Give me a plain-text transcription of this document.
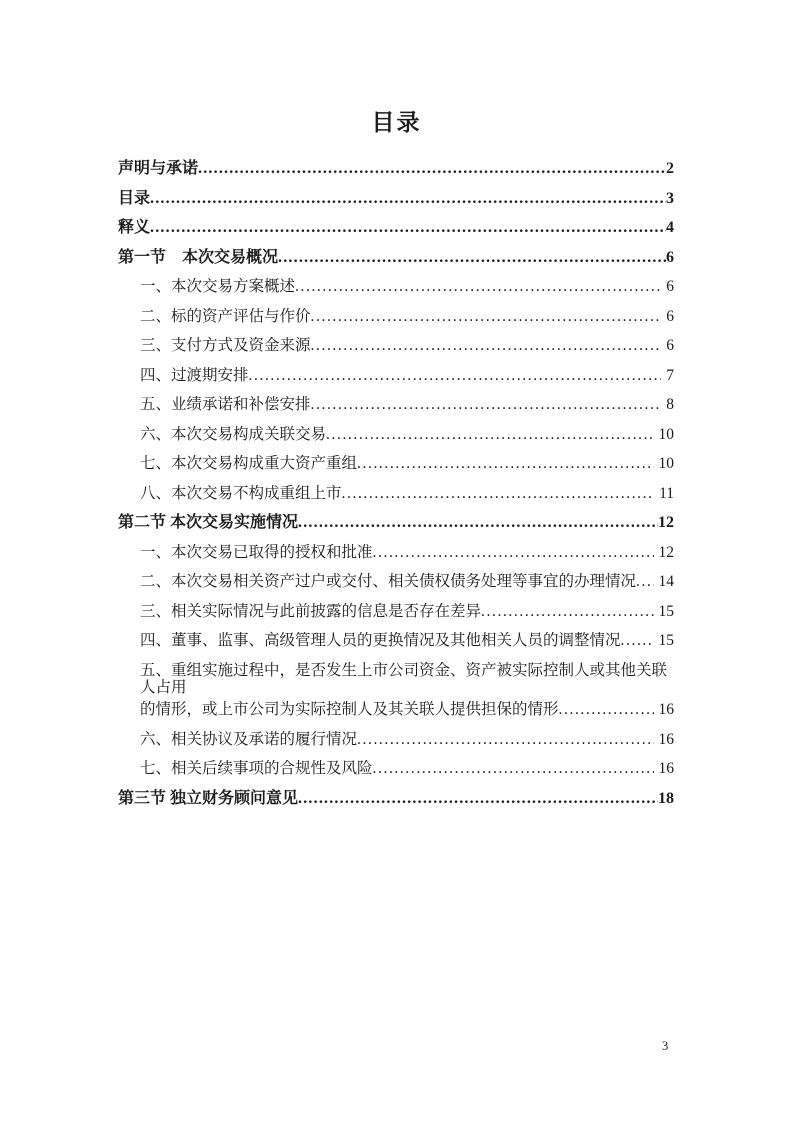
目录
声明与承诺 .....	2
目录 .....	3
释义 .....	4
第一节　本次交易概况 .....	6
一、本次交易方案概述 .....	6
二、标的资产评估与作价 .....	6
三、支付方式及资金来源 .....	6
四、过渡期安排 .....	7
五、业绩承诺和补偿安排 .....	8
六、本次交易构成关联交易 .....	10
七、本次交易构成重大资产重组 .....	10
八、本次交易不构成重组上市 .....	11
第二节 本次交易实施情况 .....	12
一、本次交易已取得的授权和批准 .....	12
二、本次交易相关资产过户或交付、相关债权债务处理等事宜的办理情况 ..... 14
三、相关实际情况与此前披露的信息是否存在差异 .....	15
四、董事、监事、高级管理人员的更换情况及其他相关人员的调整情况 ..... 15
五、重组实施过程中，是否发生上市公司资金、资产被实际控制人或其他关联人占用
的情形，或上市公司为实际控制人及其关联人提供担保的情形 .....	16
六、相关协议及承诺的履行情况 .....	16
七、相关后续事项的合规性及风险 .....	16
第三节 独立财务顾问意见 .....	18
3
